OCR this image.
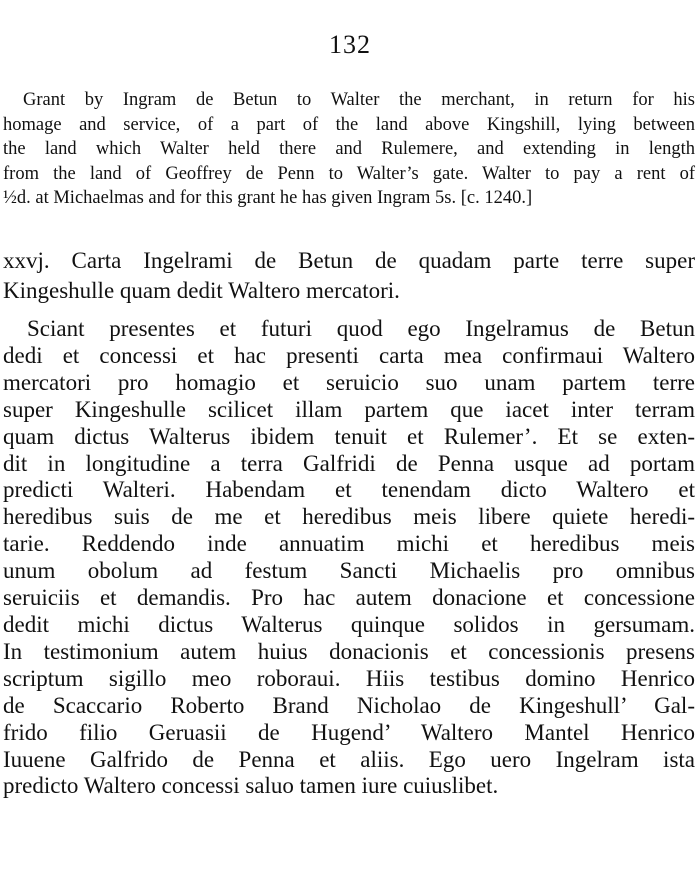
132
Grant by Ingram de Betun to Walter the merchant, in return for his
homage and service, of a part of the land above Kingshill, lying between
the land which Walter held there and Rulemere, and extending in length
from the land of Geoffrey de Penn to Walter’s gate. Walter to pay a rent of
½d. at Michaelmas and for this grant he has given Ingram 5s. [c. 1240.]
xxvj. Carta Ingelrami de Betun de quadam parte terre super
Kingeshulle quam dedit Waltero mercatori.
Sciant presentes et futuri quod ego Ingelramus de Betun
dedi et concessi et hac presenti carta mea confirmaui Waltero
mercatori pro homagio et seruicio suo unam partem terre
super Kingeshulle scilicet illam partem que iacet inter terram
quam dictus Walterus ibidem tenuit et Rulemer’. Et se exten-
dit in longitudine a terra Galfridi de Penna usque ad portam
predicti Walteri. Habendam et tenendam dicto Waltero et
heredibus suis de me et heredibus meis libere quiete heredi-
tarie. Reddendo inde annuatim michi et heredibus meis
unum obolum ad festum Sancti Michaelis pro omnibus
seruiciis et demandis. Pro hac autem donacione et concessione
dedit michi dictus Walterus quinque solidos in gersumam.
In testimonium autem huius donacionis et concessionis presens
scriptum sigillo meo roboraui. Hiis testibus domino Henrico
de Scaccario Roberto Brand Nicholao de Kingeshull’ Gal-
frido filio Geruasii de Hugend’ Waltero Mantel Henrico
Iuuene Galfrido de Penna et aliis. Ego uero Ingelram ista
predicto Waltero concessi saluo tamen iure cuiuslibet.
